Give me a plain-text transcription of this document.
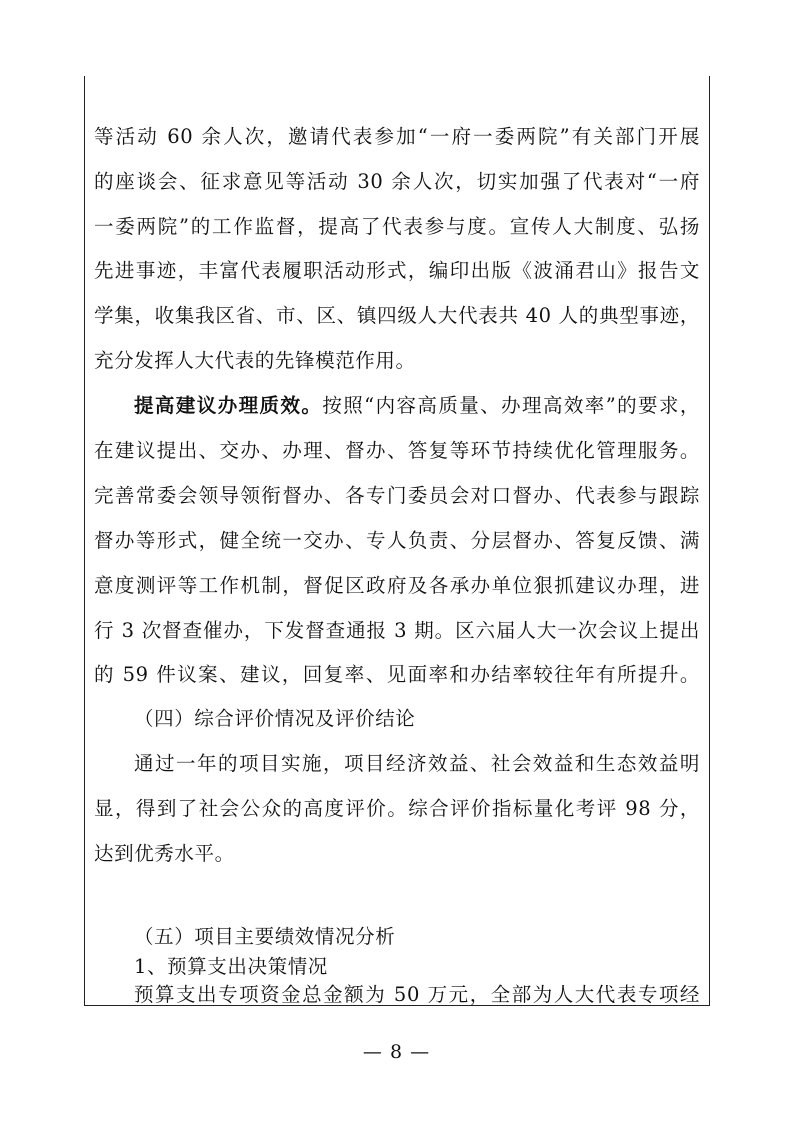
等活动 60 余人次，邀请代表参加“一府一委两院”有关部门开展
的座谈会、征求意见等活动 30 余人次，切实加强了代表对“一府
一委两院”的工作监督，提高了代表参与度。宣传人大制度、弘扬
先进事迹，丰富代表履职活动形式，编印出版《波涌君山》报告文
学集，收集我区省、市、区、镇四级人大代表共 40 人的典型事迹，
充分发挥人大代表的先锋模范作用。
提高建议办理质效。按照“内容高质量、办理高效率”的要求，
在建议提出、交办、办理、督办、答复等环节持续优化管理服务。
完善常委会领导领衔督办、各专门委员会对口督办、代表参与跟踪
督办等形式，健全统一交办、专人负责、分层督办、答复反馈、满
意度测评等工作机制，督促区政府及各承办单位狠抓建议办理，进
行 3 次督查催办，下发督查通报 3 期。区六届人大一次会议上提出
的 59 件议案、建议，回复率、见面率和办结率较往年有所提升。
（四）综合评价情况及评价结论
通过一年的项目实施，项目经济效益、社会效益和生态效益明
显，得到了社会公众的高度评价。综合评价指标量化考评 98 分，
达到优秀水平。
（五）项目主要绩效情况分析
1、预算支出决策情况
预算支出专项资金总金额为 50 万元，全部为人大代表专项经
— 8 —
